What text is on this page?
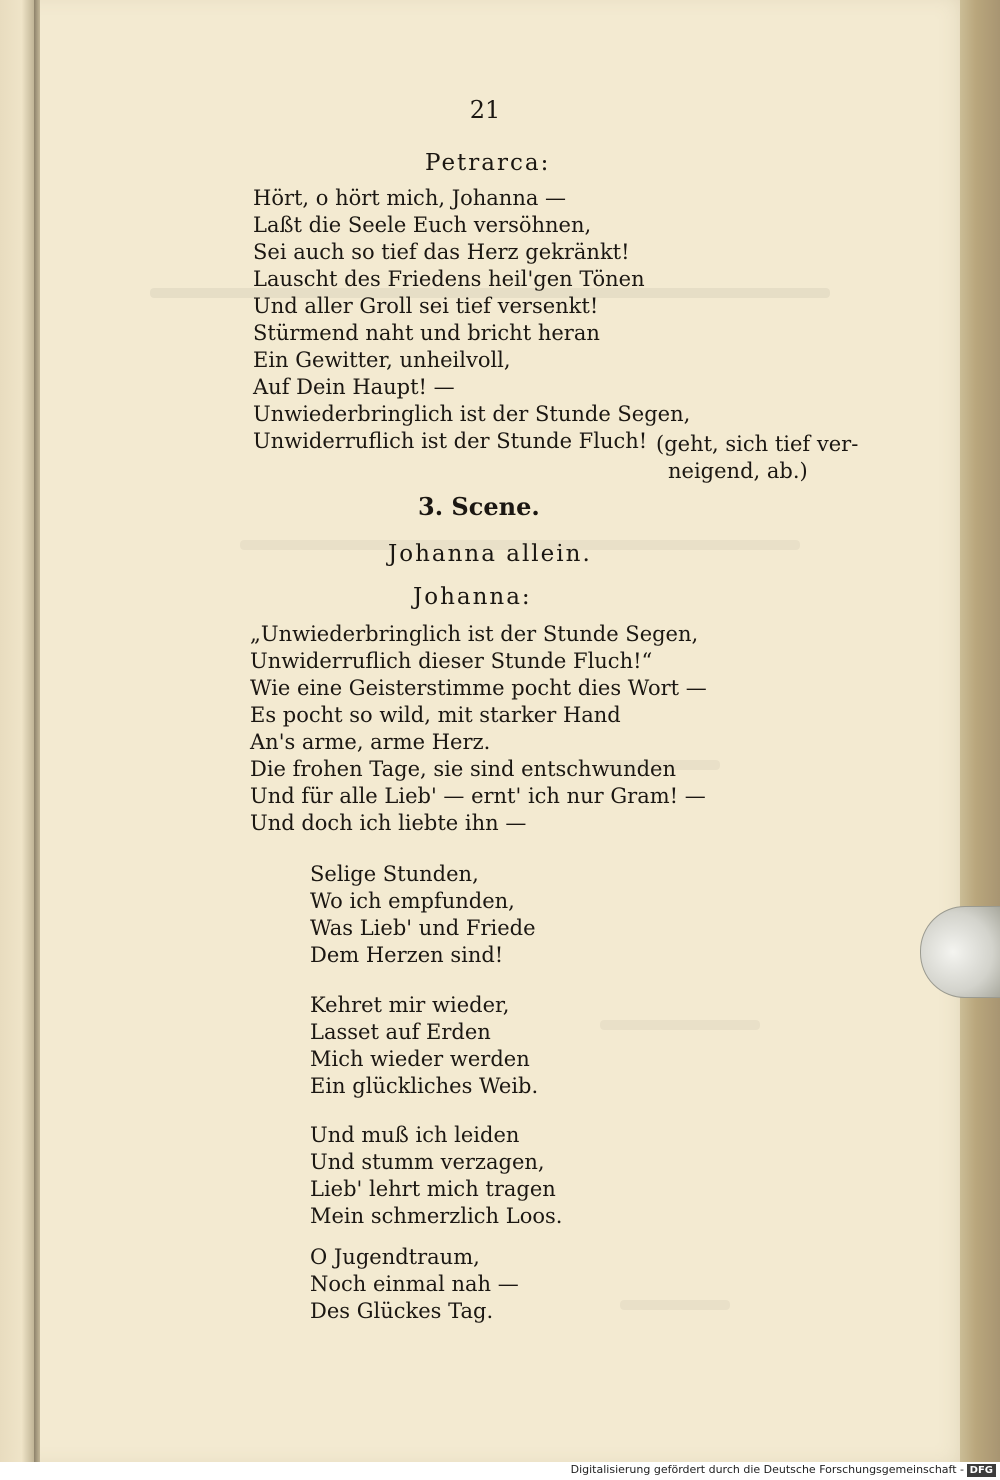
21
Petrarca:
Hört, o hört mich, Johanna —
Laßt die Seele Euch versöhnen,
Sei auch so tief das Herz gekränkt!
Lauscht des Friedens heil'gen Tönen
Und aller Groll sei tief versenkt!
Stürmend naht und bricht heran
Ein Gewitter, unheilvoll,
Auf Dein Haupt! —
Unwiederbringlich ist der Stunde Segen,
Unwiderruflich ist der Stunde Fluch! (geht, sich tief ver-
neigend, ab.)
3. Scene.
Johanna allein.
Johanna:
„Unwiederbringlich ist der Stunde Segen,
Unwiderruflich dieser Stunde Fluch!“
Wie eine Geisterstimme pocht dies Wort —
Es pocht so wild, mit starker Hand
An's arme, arme Herz.
Die frohen Tage, sie sind entschwunden
Und für alle Lieb' — ernt' ich nur Gram! —
Und doch ich liebte ihn —
Selige Stunden,
Wo ich empfunden,
Was Lieb' und Friede
Dem Herzen sind!
Kehret mir wieder,
Lasset auf Erden
Mich wieder werden
Ein glückliches Weib.
Und muß ich leiden
Und stumm verzagen,
Lieb' lehrt mich tragen
Mein schmerzlich Loos.
O Jugendtraum,
Noch einmal nah —
Des Glückes Tag.
Digitalisierung gefördert durch die Deutsche Forschungsgemeinschaft - DFG
